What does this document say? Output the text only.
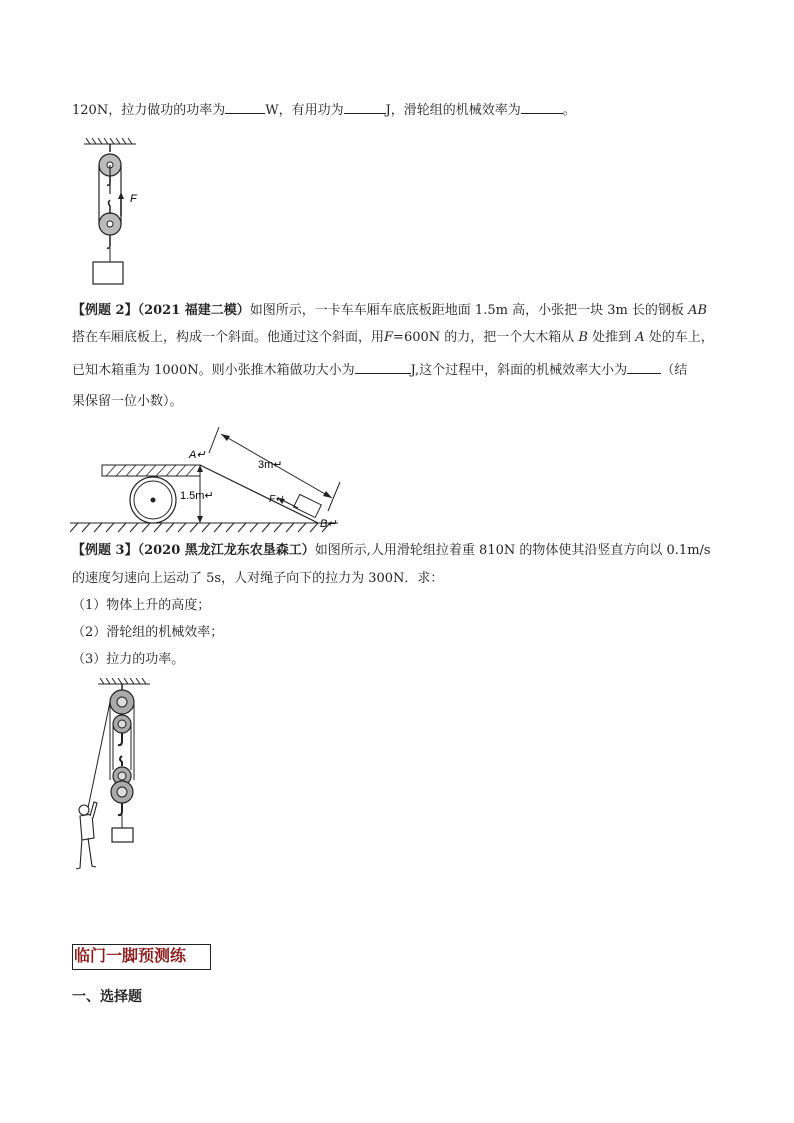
120N，拉力做功的功率为	W，有用功为	J，滑轮组的机械效率为	。
F
【例题 2】（2021 福建二模）如图所示，一卡车车厢车底底板距地面 1.5m 高，小张把一块 3m 长的钢板 AB
搭在车厢底板上，构成一个斜面。他通过这个斜面，用F=600N 的力，把一个大木箱从 B 处推到 A 处的车上，
已知木箱重为 1000N。则小张推木箱做功大小为	J,这个过程中，斜面的机械效率大小为	（结
果保留一位小数）。
A↵
B↵
3m↵
1.5m↵	F↵
【例题 3】（2020 黑龙江龙东农垦森工）如图所示,人用滑轮组拉着重 810N 的物体使其沿竖直方向以 0.1m/s
的速度匀速向上运动了 5s，人对绳子向下的拉力为 300N．求：
（1）物体上升的高度；
（2）滑轮组的机械效率；
（3）拉力的功率。
临门一脚预测练
一、选择题
